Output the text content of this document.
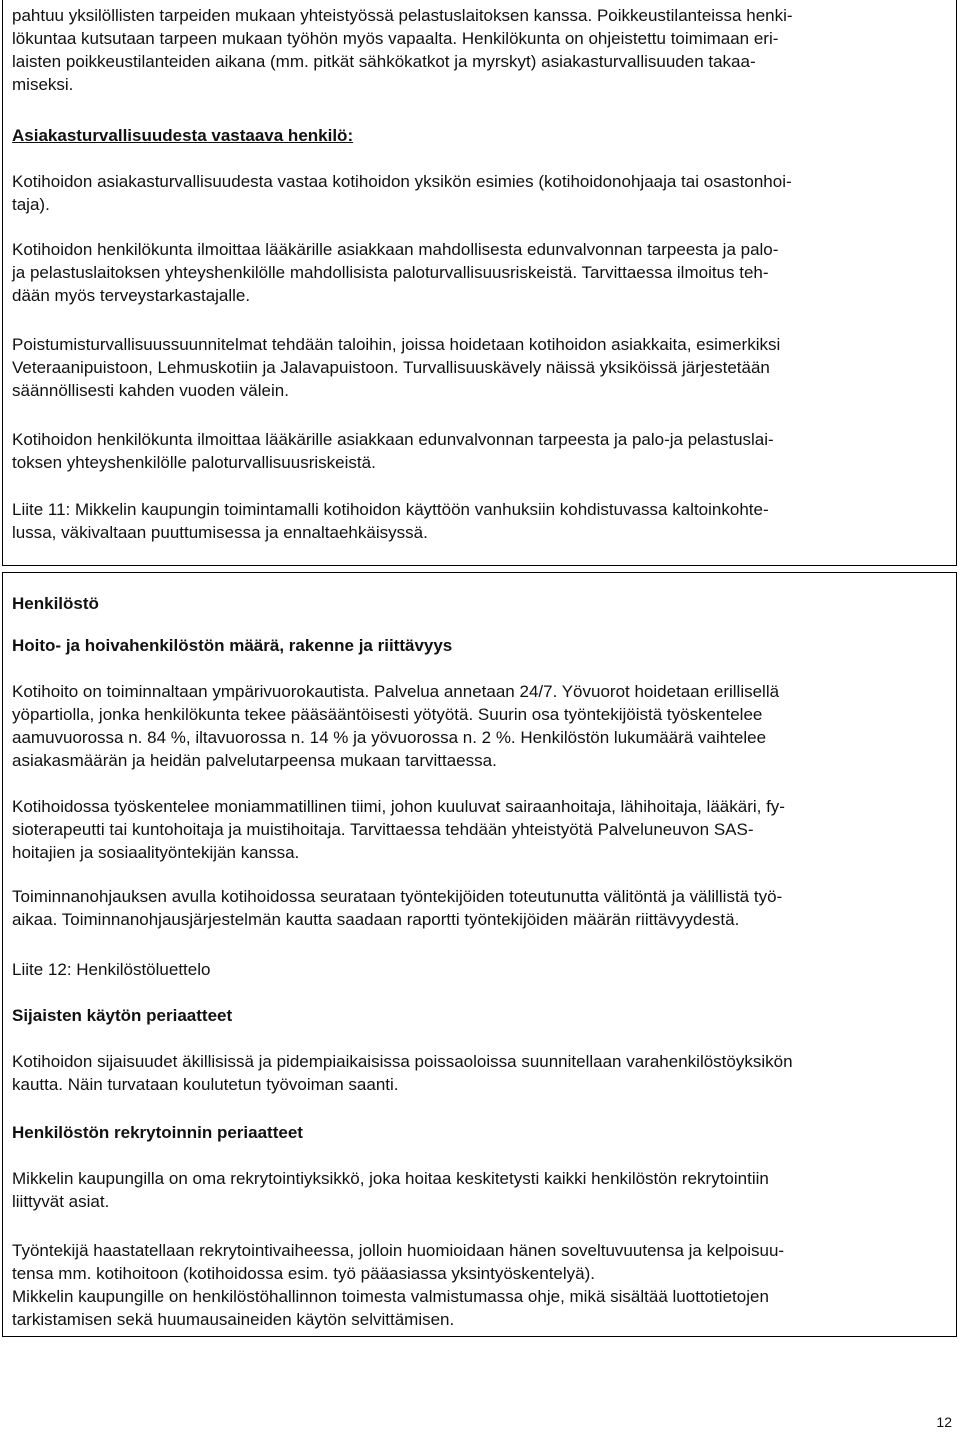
pahtuu yksilöllisten tarpeiden mukaan yhteistyössä pelastuslaitoksen kanssa. Poikkeustilanteissa henki-
lökuntaa kutsutaan tarpeen mukaan työhön myös vapaalta. Henkilökunta on ohjeistettu toimimaan eri-
laisten poikkeustilanteiden aikana (mm. pitkät sähkökatkot ja myrskyt) asiakasturvallisuuden takaa-
miseksi.

Asiakasturvallisuudesta vastaava henkilö:

Kotihoidon asiakasturvallisuudesta vastaa kotihoidon yksikön esimies (kotihoidonohjaaja tai osastonhoi-
taja).

Kotihoidon henkilökunta ilmoittaa lääkärille asiakkaan mahdollisesta edunvalvonnan tarpeesta ja palo-
ja pelastuslaitoksen yhteyshenkilölle mahdollisista paloturvallisuusriskeistä. Tarvittaessa ilmoitus teh-
dään myös terveystarkastajalle.

Poistumisturvallisuussuunnitelmat tehdään taloihin, joissa hoidetaan kotihoidon asiakkaita, esimerkiksi
Veteraanipuistoon, Lehmuskotiin ja Jalavapuistoon. Turvallisuuskävely näissä yksiköissä järjestetään
säännöllisesti kahden vuoden välein.

Kotihoidon henkilökunta ilmoittaa lääkärille asiakkaan edunvalvonnan tarpeesta ja palo-ja pelastuslai-
toksen yhteyshenkilölle paloturvallisuusriskeistä.

Liite 11: Mikkelin kaupungin toimintamalli kotihoidon käyttöön vanhuksiin kohdistuvassa kaltoinkohte-
lussa, väkivaltaan puuttumisessa ja ennaltaehkäisyssä.

Henkilöstö

Hoito- ja hoivahenkilöstön määrä, rakenne ja riittävyys

Kotihoito on toiminnaltaan ympärivuorokautista. Palvelua annetaan 24/7. Yövuorot hoidetaan erillisellä
yöpartiolla, jonka henkilökunta tekee pääsääntöisesti yötyötä. Suurin osa työntekijöistä työskentelee
aamuvuorossa n. 84 %, iltavuorossa n. 14 % ja yövuorossa n. 2 %. Henkilöstön lukumäärä vaihtelee
asiakasmäärän ja heidän palvelutarpeensa mukaan tarvittaessa.

Kotihoidossa työskentelee moniammatillinen tiimi, johon kuuluvat sairaanhoitaja, lähihoitaja, lääkäri, fy-
sioterapeutti tai kuntohoitaja ja muistihoitaja. Tarvittaessa tehdään yhteistyötä Palveluneuvon SAS-
hoitajien ja sosiaalityöntekijän kanssa.

Toiminnanohjauksen avulla kotihoidossa seurataan työntekijöiden toteutunutta välitöntä ja välillistä työ-
aikaa. Toiminnanohjausjärjestelmän kautta saadaan raportti työntekijöiden määrän riittävyydestä.

Liite 12: Henkilöstöluettelo

Sijaisten käytön periaatteet

Kotihoidon sijaisuudet äkillisissä ja pidempiaikaisissa poissaoloissa suunnitellaan varahenkilöstöyksikön
kautta. Näin turvataan koulutetun työvoiman saanti.

Henkilöstön rekrytoinnin periaatteet

Mikkelin kaupungilla on oma rekrytointiyksikkö, joka hoitaa keskitetysti kaikki henkilöstön rekrytointiin
liittyvät asiat.

Työntekijä haastatellaan rekrytointivaiheessa, jolloin huomioidaan hänen soveltuvuutensa ja kelpoisuu-
tensa mm. kotihoitoon (kotihoidossa esim. työ pääasiassa yksintyöskentelyä).
Mikkelin kaupungille on henkilöstöhallinnon toimesta valmistumassa ohje, mikä sisältää luottotietojen
tarkistamisen sekä huumausaineiden käytön selvittämisen.

12
